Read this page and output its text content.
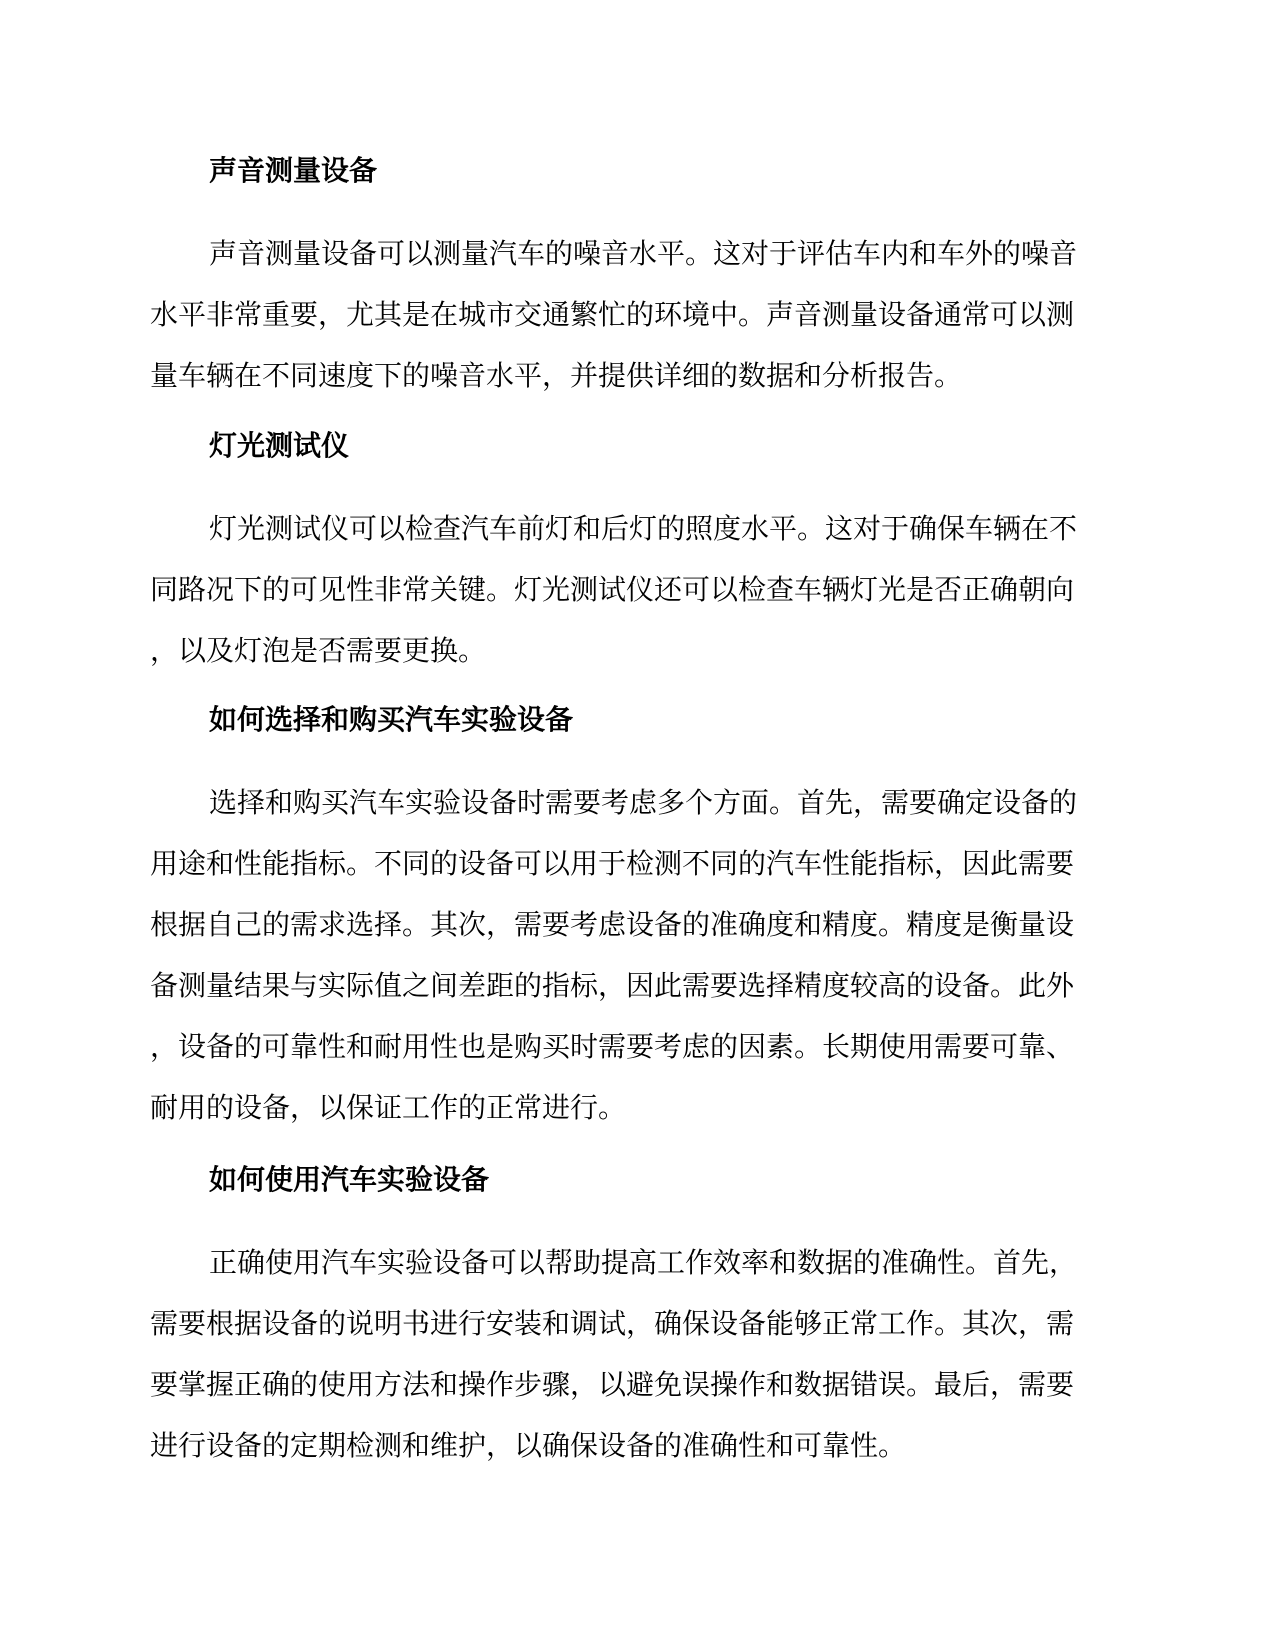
声音测量设备
声音测量设备可以测量汽车的噪音水平。这对于评估车内和车外的噪音
水平非常重要，尤其是在城市交通繁忙的环境中。声音测量设备通常可以测
量车辆在不同速度下的噪音水平，并提供详细的数据和分析报告。
灯光测试仪
灯光测试仪可以检查汽车前灯和后灯的照度水平。这对于确保车辆在不
同路况下的可见性非常关键。灯光测试仪还可以检查车辆灯光是否正确朝向
，以及灯泡是否需要更换。
如何选择和购买汽车实验设备
选择和购买汽车实验设备时需要考虑多个方面。首先，需要确定设备的
用途和性能指标。不同的设备可以用于检测不同的汽车性能指标，因此需要
根据自己的需求选择。其次，需要考虑设备的准确度和精度。精度是衡量设
备测量结果与实际值之间差距的指标，因此需要选择精度较高的设备。此外
，设备的可靠性和耐用性也是购买时需要考虑的因素。长期使用需要可靠、
耐用的设备，以保证工作的正常进行。
如何使用汽车实验设备
正确使用汽车实验设备可以帮助提高工作效率和数据的准确性。首先，
需要根据设备的说明书进行安装和调试，确保设备能够正常工作。其次，需
要掌握正确的使用方法和操作步骤，以避免误操作和数据错误。最后，需要
进行设备的定期检测和维护，以确保设备的准确性和可靠性。
